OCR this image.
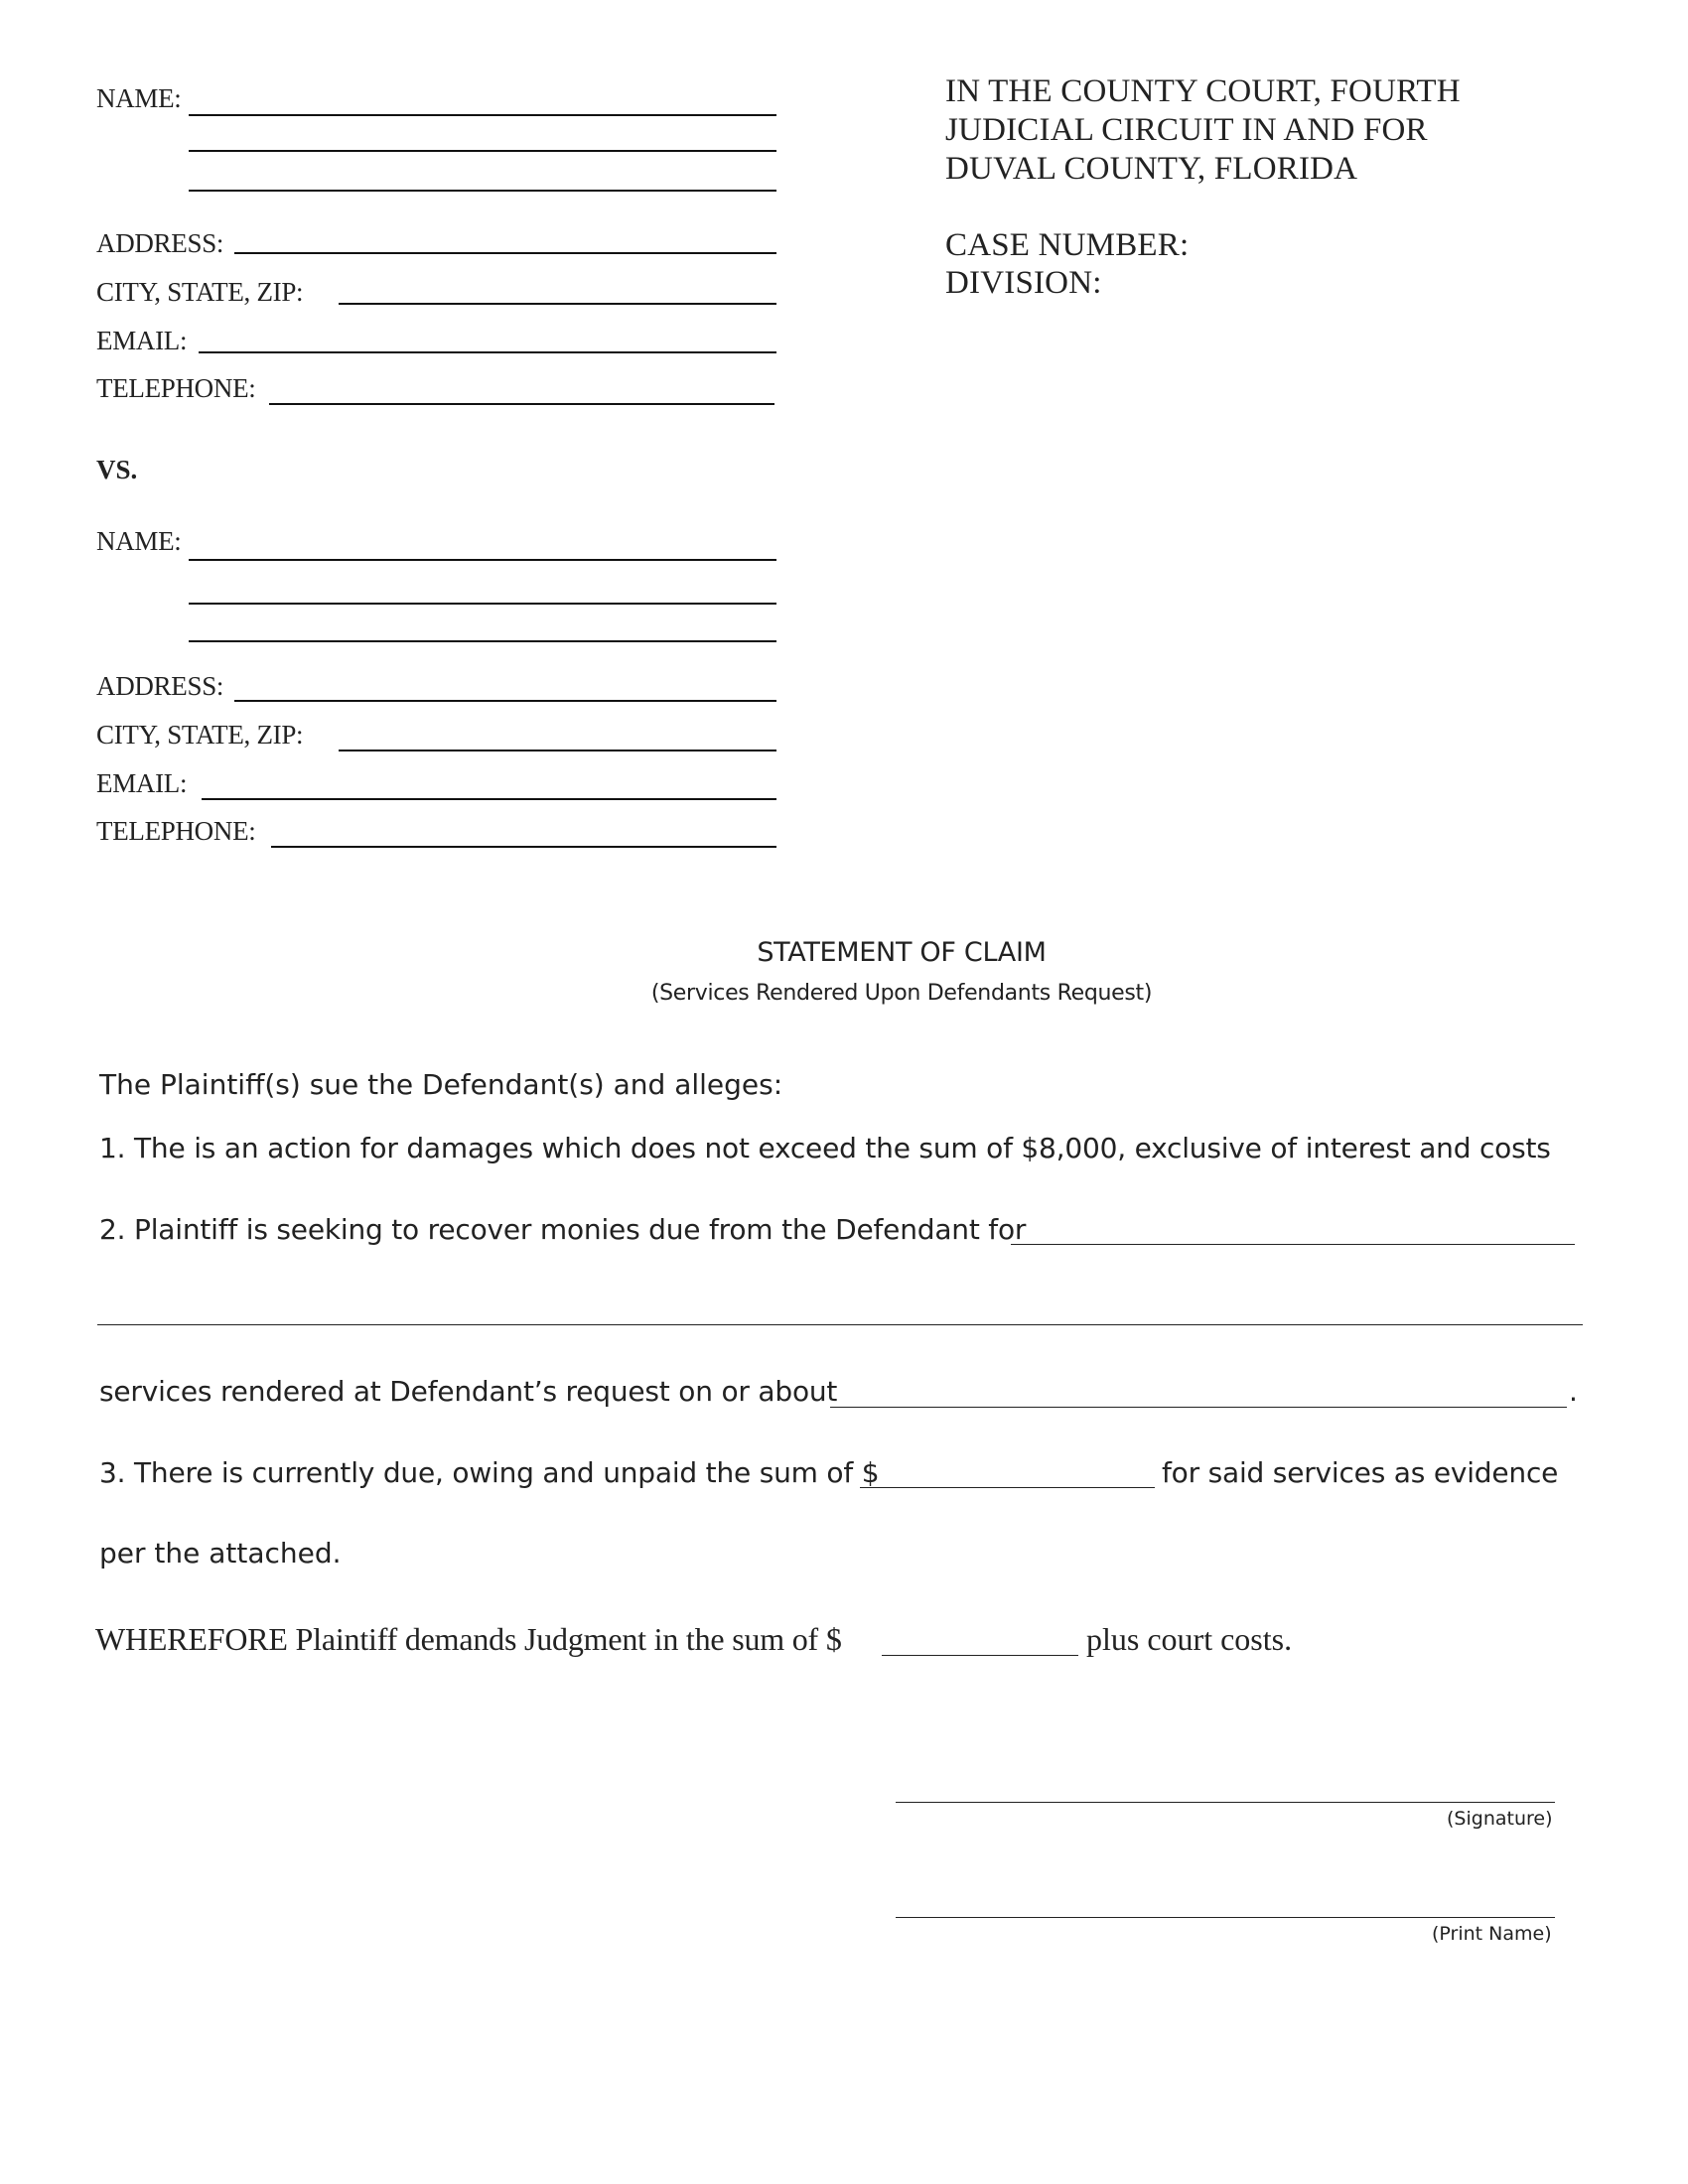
NAME:
ADDRESS:
CITY, STATE, ZIP:
EMAIL:
TELEPHONE:
VS.
NAME:
ADDRESS:
CITY, STATE, ZIP:
EMAIL:
TELEPHONE:
IN THE COUNTY COURT, FOURTH
JUDICIAL CIRCUIT IN AND FOR
DUVAL COUNTY, FLORIDA
CASE NUMBER:
DIVISION:
STATEMENT OF CLAIM
(Services Rendered Upon Defendants Request)
The Plaintiff(s) sue the Defendant(s) and alleges:
1. The is an action for damages which does not exceed the sum of $8,000, exclusive of interest and costs
2. Plaintiff is seeking to recover monies due from the Defendant for
services rendered at Defendant’s request on or about	.
3. There is currently due, owing and unpaid the sum of $	for said services as evidence
per the attached.
WHEREFORE Plaintiff demands Judgment in the sum of $	plus court costs.
(Signature)
(Print Name)
